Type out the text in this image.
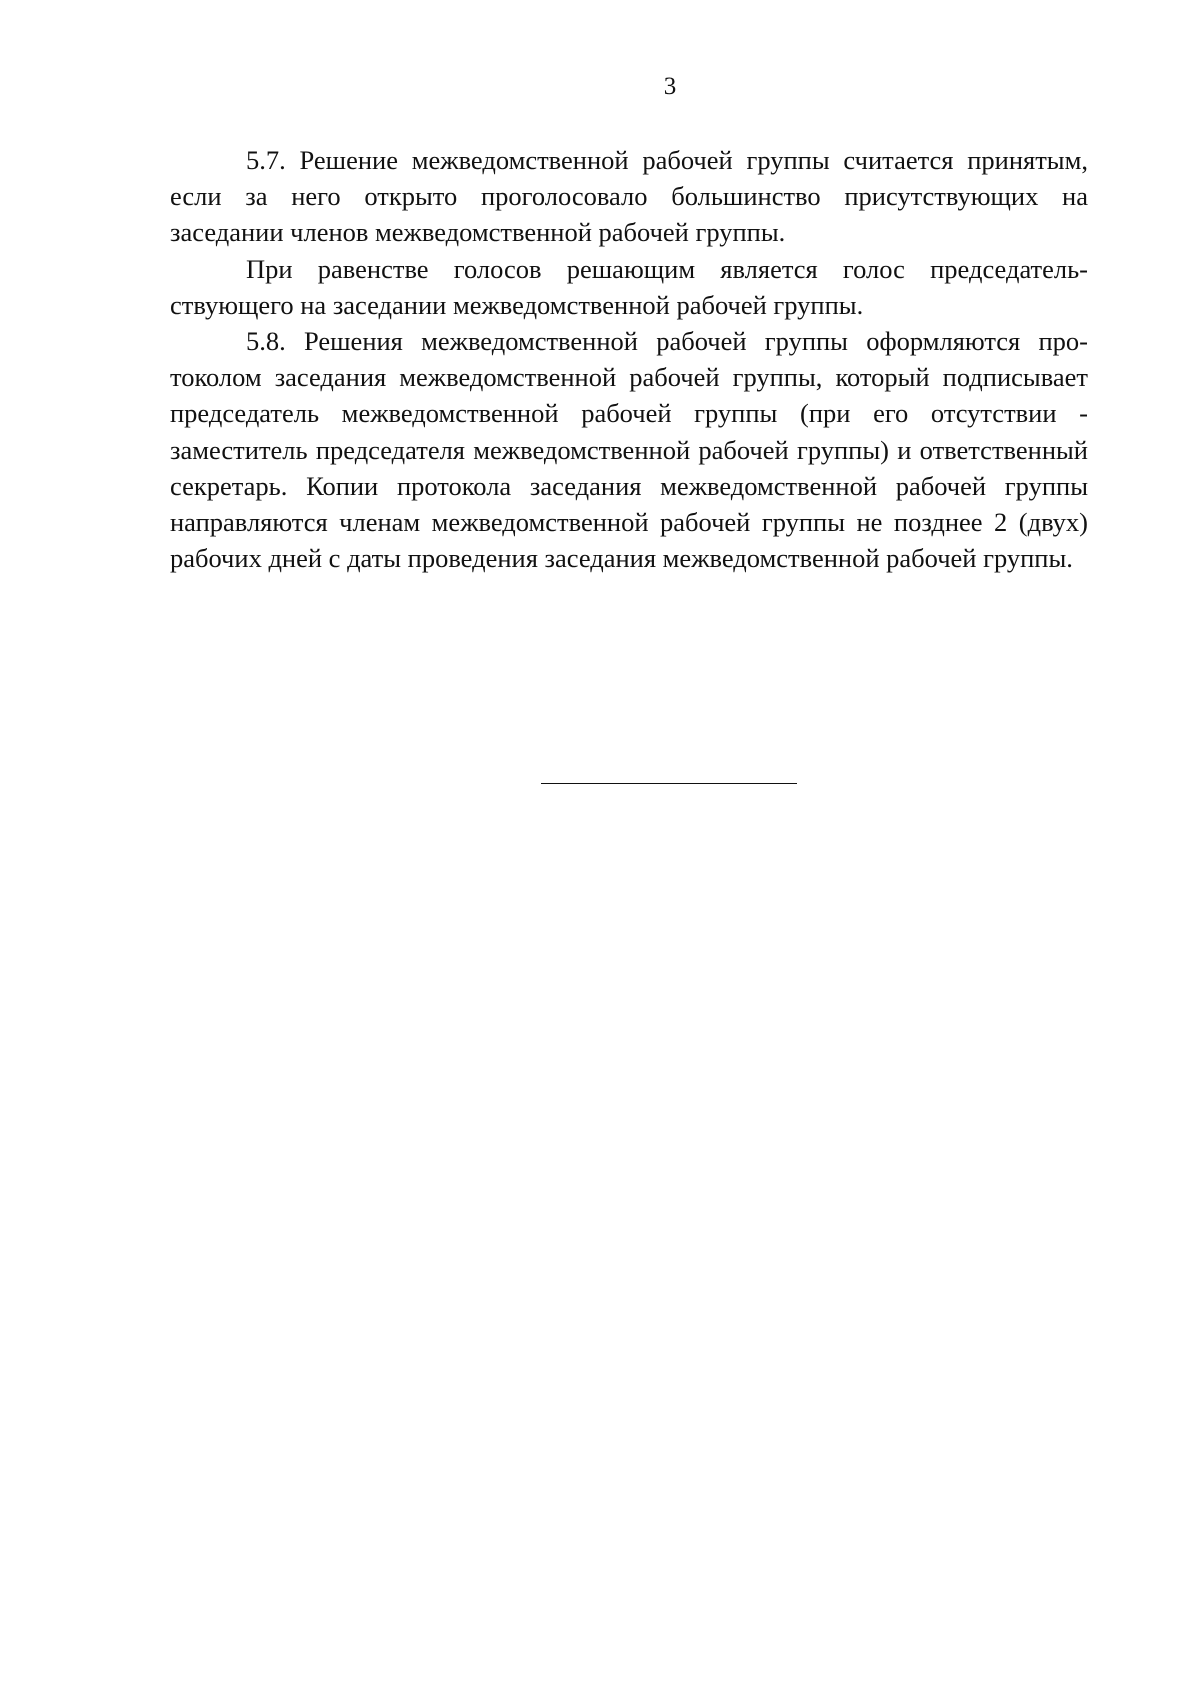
3

5.7. Решение межведомственной рабочей группы считается принятым, если за него открыто проголосовало большинство присутствующих на заседании членов межведомственной рабочей группы.

При равенстве голосов решающим является голос председательствующего на заседании межведомственной рабочей группы.

5.8. Решения межведомственной рабочей группы оформляются протоколом заседания межведомственной рабочей группы, который подписывает председатель межведомственной рабочей группы (при его отсутствии - заместитель председателя межведомственной рабочей группы) и ответственный секретарь. Копии протокола заседания межведомственной рабочей группы направляются членам межведомственной рабочей группы не позднее 2 (двух) рабочих дней с даты проведения заседания межведомственной рабочей группы.
